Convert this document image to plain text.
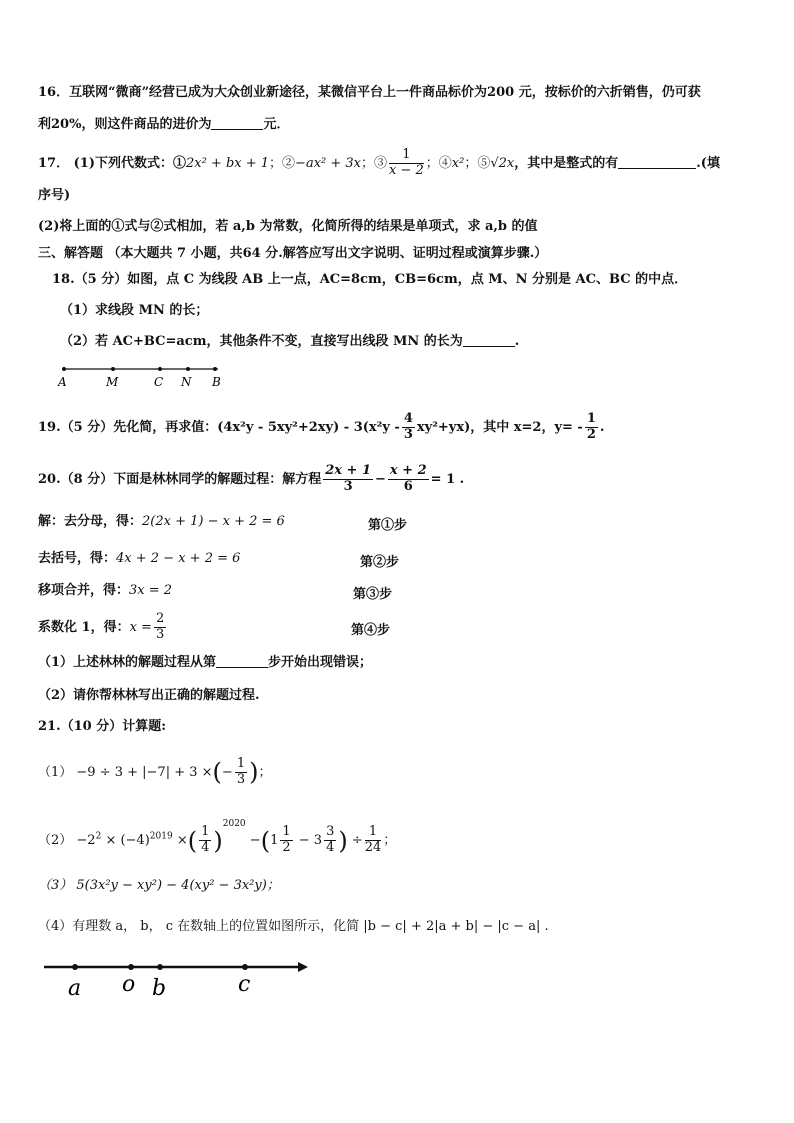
16．互联网“微商”经营已成为大众创业新途径，某微信平台上一件商品标价为200 元，按标价的六折销售，仍可获
利20%，则这件商品的进价为	元．
17． (1)下列代数式：①2x² + bx + 1；②−ax² + 3x；③ $\frac{1}{x - 2}$ ；④x²；⑤√2x，其中是整式的有	.(填
序号)
(2)将上面的①式与②式相加，若 a,b 为常数，化简所得的结果是单项式，求 a,b 的值
三、解答题 （本大题共 7 小题，共64 分.解答应写出文字说明、证明过程或演算步骤.）
18.（5 分）如图，点 C 为线段 AB 上一点，AC=8cm，CB=6cm，点 M、N 分别是 AC、BC 的中点．
（1）求线段 MN 的长；
（2）若 AC+BC=acm，其他条件不变，直接写出线段 MN 的长为	.
A	M	C N B
19.（5 分）先化简，再求值：$(4x^2y - 5xy^2+2xy) - 3(x^2y - \frac{4}{3} xy^2+yx)$，其中 x=2，$y= - \frac{1}{2}$ .
20.（8 分）下面是林林同学的解题过程：解方程 $\frac{2x + 1}{3} - \frac{x + 2}{6} = 1$ .
解：去分母，得：2(2x + 1) − x + 2 = 6	第①步
去括号，得：4x + 2 − x + 2 = 6	第②步
移项合并，得：3x = 2	第③步
系数化 1，得：$x = \frac{2}{3}$	第④步
（1）上述林林的解题过程从第	步开始出现错误；
（2）请你帮林林写出正确的解题过程.
21.（10 分）计算题:
（1） −9 ÷ 3 + |−7| + 3 ×(− $\frac{1}{3}$ )；
$(2) -2^2 \times (-4)^{2019}$ ×( $\frac{1}{4} )^{2020} -(1 \frac{1}{2} - 3 \frac{3}{4}$ ) ÷ $\frac{1}{24}$ ；
（3） 5(3x²y − xy²) − 4(xy² − 3x²y)；
（4）有理数 a， b， c 在数轴上的位置如图所示，化简 |b − c| + 2|a + b| − |c − a| .
a o b	c
